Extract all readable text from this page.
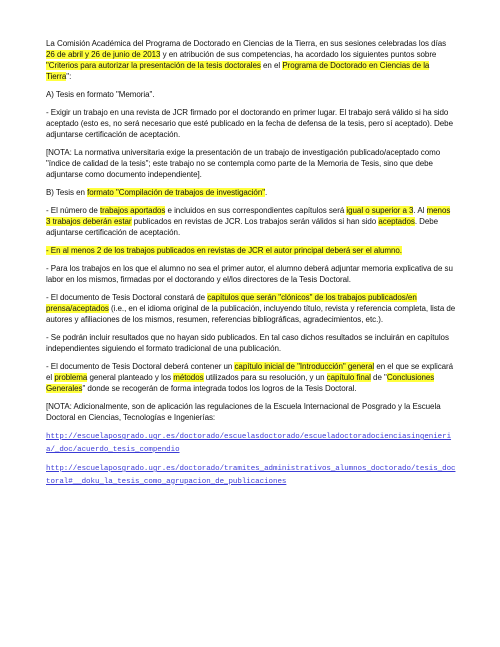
La Comisión Académica del Programa de Doctorado en Ciencias de la Tierra, en sus sesiones celebradas los días 26 de abril y 26 de junio de 2013 y en atribución de sus competencias, ha acordado los siguientes puntos sobre "Criterios para autorizar la presentación de la tesis doctorales en el Programa de Doctorado en Ciencias de la Tierra":

A) Tesis en formato "Memoria".

- Exigir un trabajo en una revista de JCR firmado por el doctorando en primer lugar. El trabajo será válido si ha sido aceptado (esto es, no será necesario que esté publicado en la fecha de defensa de la tesis, pero sí aceptado). Debe adjuntarse certificación de aceptación.

[NOTA: La normativa universitaria exige la presentación de un trabajo de investigación publicado/aceptado como "índice de calidad de la tesis"; este trabajo no se contempla como parte de la Memoria de Tesis, sino que debe adjuntarse como documento independiente].

B) Tesis en formato "Compilación de trabajos de investigación".

- El número de trabajos aportados e incluidos en sus correspondientes capítulos será igual o superior a 3. Al menos 3 trabajos deberán estar publicados en revistas de JCR. Los trabajos serán válidos si han sido aceptados. Debe adjuntarse certificación de aceptación.

- En al menos 2 de los trabajos publicados en revistas de JCR el autor principal deberá ser el alumno.

- Para los trabajos en los que el alumno no sea el primer autor, el alumno deberá adjuntar memoria explicativa de su labor en los mismos, firmadas por el doctorando y el/los directores de la Tesis Doctoral.

- El documento de Tesis Doctoral constará de capítulos que serán "clónicos" de los trabajos publicados/en prensa/aceptados (i.e., en el idioma original de la publicación, incluyendo título, revista y referencia completa, lista de autores y afiliaciones de los mismos, resumen, referencias bibliográficas, agradecimientos, etc.).

- Se podrán incluir resultados que no hayan sido publicados. En tal caso dichos resultados se incluirán en capítulos independientes siguiendo el formato tradicional de una publicación.

- El documento de Tesis Doctoral deberá contener un capítulo inicial de "Introducción" general en el que se explicará el problema general planteado y los métodos utilizados para su resolución, y un capítulo final de "Conclusiones Generales" donde se recogerán de forma integrada todos los logros de la Tesis Doctoral.

[NOTA: Adicionalmente, son de aplicación las regulaciones de la Escuela Internacional de Posgrado y la Escuela Doctoral en Ciencias, Tecnologías e Ingenierías:

http://escuelaposgrado.ugr.es/doctorado/escuelasdoctorado/escueladoctoradocienciasingenieria/_doc/acuerdo_tesis_compendio

http://escuelaposgrado.ugr.es/doctorado/tramites_administrativos_alumnos_doctorado/tesis_doctoral#__doku_la_tesis_como_agrupacion_de_publicaciones
